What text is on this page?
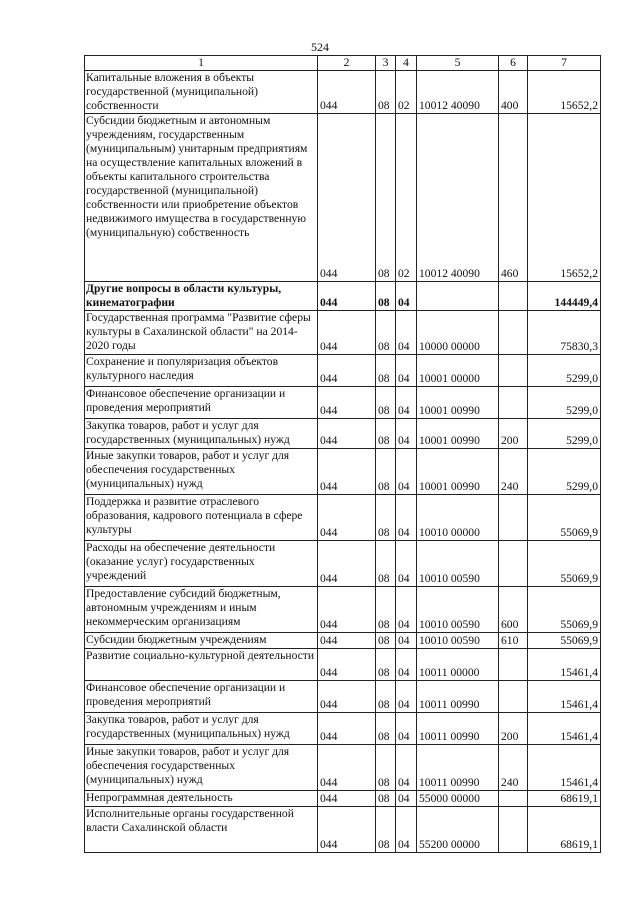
524
1	2	3	4	5	6	7
Капитальные вложения в объекты государственной (муниципальной) собственности	044	08	02	10012 40090	400	15652,2
Субсидии бюджетным и автономным учреждениям, государственным (муниципальным) унитарным предприятиям на осуществление капитальных вложений в объекты капитального строительства государственной (муниципальной) собственности или приобретение объектов недвижимого имущества в государственную (муниципальную) собственность	044	08	02	10012 40090	460	15652,2
Другие вопросы в области культуры, кинематографии	044	08	04			144449,4
Государственная программа "Развитие сферы культуры в Сахалинской области" на 2014-2020 годы	044	08	04	10000 00000		75830,3
Сохранение и популяризация объектов культурного наследия	044	08	04	10001 00000		5299,0
Финансовое обеспечение организации и проведения мероприятий	044	08	04	10001 00990		5299,0
Закупка товаров, работ и услуг для государственных (муниципальных) нужд	044	08	04	10001 00990	200	5299,0
Иные закупки товаров, работ и услуг для обеспечения государственных (муниципальных) нужд	044	08	04	10001 00990	240	5299,0
Поддержка и развитие отраслевого образования, кадрового потенциала в сфере культуры	044	08	04	10010 00000		55069,9
Расходы на обеспечение деятельности (оказание услуг) государственных учреждений	044	08	04	10010 00590		55069,9
Предоставление субсидий бюджетным, автономным учреждениям и иным некоммерческим организациям	044	08	04	10010 00590	600	55069,9
Субсидии бюджетным учреждениям	044	08	04	10010 00590	610	55069,9
Развитие социально-культурной деятельности	044	08	04	10011 00000		15461,4
Финансовое обеспечение организации и проведения мероприятий	044	08	04	10011 00990		15461,4
Закупка товаров, работ и услуг для государственных (муниципальных) нужд	044	08	04	10011 00990	200	15461,4
Иные закупки товаров, работ и услуг для обеспечения государственных (муниципальных) нужд	044	08	04	10011 00990	240	15461,4
Непрограммная деятельность	044	08	04	55000 00000		68619,1
Исполнительные органы государственной власти Сахалинской области	044	08	04	55200 00000		68619,1
